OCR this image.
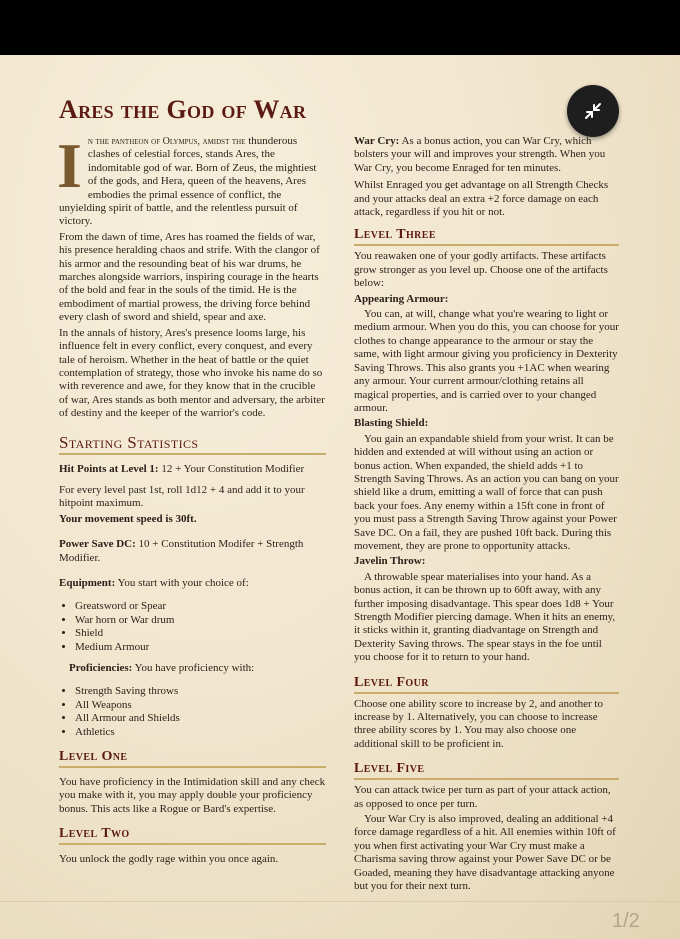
Ares the God of War

I n the pantheon of Olympus, amidst the thunderous clashes of celestial forces, stands Ares, the indomitable god of war. Born of Zeus, the mightiest of the gods, and Hera, queen of the heavens, Ares embodies the primal essence of conflict, the unyielding spirit of battle, and the relentless pursuit of victory.

From the dawn of time, Ares has roamed the fields of war, his presence heralding chaos and strife. With the clangor of his armor and the resounding beat of his war drums, he marches alongside warriors, inspiring courage in the hearts of the bold and fear in the souls of the timid. He is the embodiment of martial prowess, the driving force behind every clash of sword and shield, spear and axe.

In the annals of history, Ares's presence looms large, his influence felt in every conflict, every conquest, and every tale of heroism. Whether in the heat of battle or the quiet contemplation of strategy, those who invoke his name do so with reverence and awe, for they know that in the crucible of war, Ares stands as both mentor and adversary, the arbiter of destiny and the keeper of the warrior's code.

Starting Statistics

Hit Points at Level 1: 12 + Your Constitution Modifier

For every level past 1st, roll 1d12 + 4 and add it to your hitpoint maximum.

Your movement speed is 30ft.

Power Save DC: 10 + Constitution Modifer + Strength Modifier.

Equipment: You start with your choice of:

• Greatsword or Spear
• War horn or War drum
• Shield
• Medium Armour

Proficiencies: You have proficiency with:

• Strength Saving throws
• All Weapons
• All Armour and Shields
• Athletics
Level One

You have proficiency in the Intimidation skill and any check you make with it, you may apply double your proficiency bonus. This acts like a Rogue or Bard's expertise.

Level Two

You unlock the godly rage within you once again.

War Cry: As a bonus action, you can War Cry, which bolsters your will and improves your strength. When you War Cry, you become Enraged for ten minutes.

Whilst Enraged you get advantage on all Strength Checks and your attacks deal an extra +2 force damage on each attack, regardless if you hit or not.

Level Three

You reawaken one of your godly artifacts. These artifacts grow stronger as you level up. Choose one of the artifacts below:

Appearing Armour:

You can, at will, change what you're wearing to light or medium armour. When you do this, you can choose for your clothes to change appearance to the armour or stay the same, with light armour giving you proficiency in Dexterity Saving Throws. This also grants you +1AC when wearing any armour. Your current armour/clothing retains all magical properties, and is carried over to your changed armour.

Blasting Shield:

You gain an expandable shield from your wrist. It can be hidden and extended at will without using an action or bonus action. When expanded, the shield adds +1 to Strength Saving Throws. As an action you can bang on your shield like a drum, emitting a wall of force that can push back your foes. Any enemy within a 15ft cone in front of you must pass a Strength Saving Throw against your Power Save DC. On a fail, they are pushed 10ft back. During this movement, they are prone to opportunity attacks.

Javelin Throw:

A throwable spear materialises into your hand. As a bonus action, it can be thrown up to 60ft away, with any further imposing disadvantage. This spear does 1d8 + Your Strength Modifier piercing damage. When it hits an enemy, it sticks within it, granting diadvantage on Strength and Dexterity Saving throws. The spear stays in the foe until you choose for it to return to your hand.

Level Four

Choose one ability score to increase by 2, and another to increase by 1. Alternatively, you can choose to increase three ability scores by 1. You may also choose one additional skill to be proficient in.

Level Five

You can attack twice per turn as part of your attack action, as opposed to once per turn.

Your War Cry is also improved, dealing an additional +4 force damage regardless of a hit. All enemies within 10ft of you when first activating your War Cry must make a Charisma saving throw against your Power Save DC or be Goaded, meaning they have disadvantage attacking anyone but you for their next turn.

1/2
